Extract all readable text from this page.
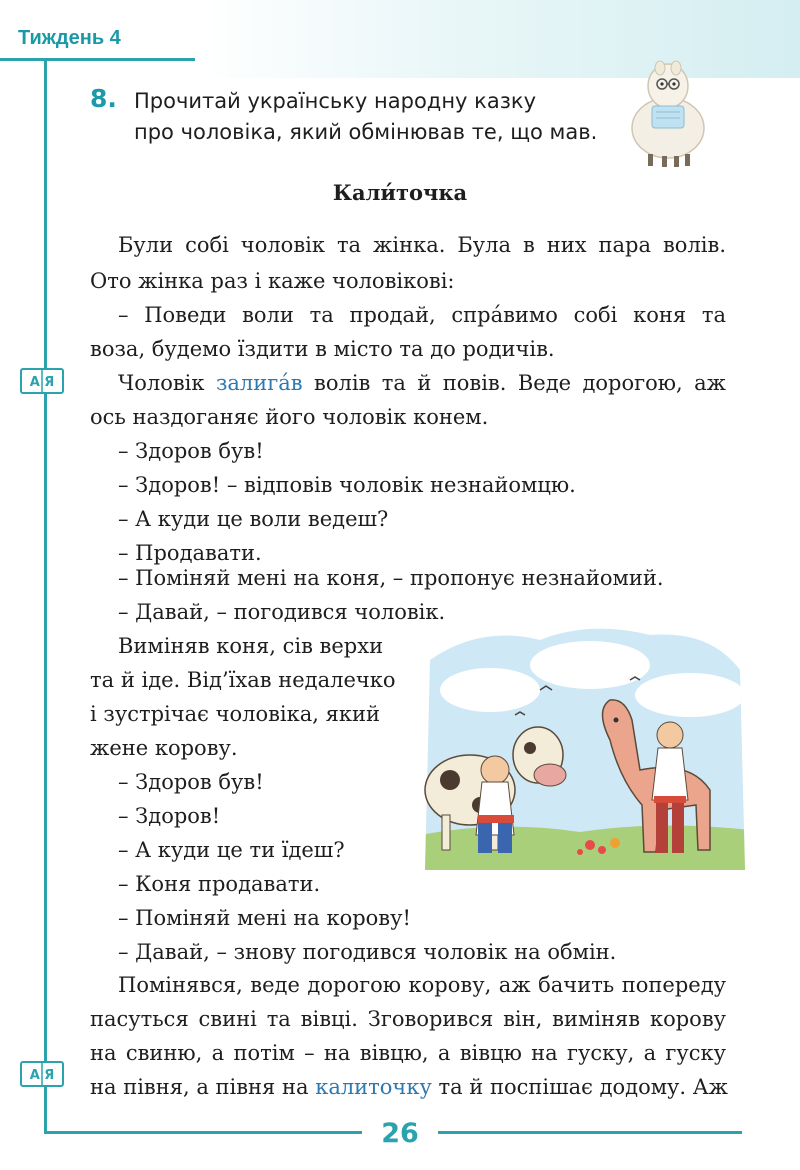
Тиждень 4
8. Прочитай українську народну казку
про чоловіка, який обмінював те, що мав.
Кали́точка
Були собі чоловік та жінка. Була в них пара волів.
Ото жінка раз і каже чоловікові:
– Поведи воли та продай, спра́вимо собі коня та
воза, будемо їздити в місто та до родичів.
Чоловік залига́в волів та й повів. Веде дорогою, аж
ось наздоганяє його чоловік конем.
– Здоров був!
– Здоров! – відповів чоловік незнайомцю.
– А куди це воли ведеш?
– Продавати.
– Поміняй мені на коня, – пропонує незнайомий.
– Давай, – погодився чоловік.
Виміняв коня, сів верхи
та й іде. Від’їхав недалечко
і зустрічає чоловіка, який
жене корову.
– Здоров був!
– Здоров!
– А куди це ти їдеш?
– Коня продавати.
– Поміняй мені на корову!
– Давай, – знову погодився чоловік на обмін.
Помінявся, веде дорогою корову, аж бачить попереду
пасуться свині та вівці. Зговорився він, виміняв корову
на свиню, а потім – на вівцю, а вівцю на гуску, а гуску
на півня, а півня на калиточку та й поспішає додому. Аж
А Я
А Я
26
